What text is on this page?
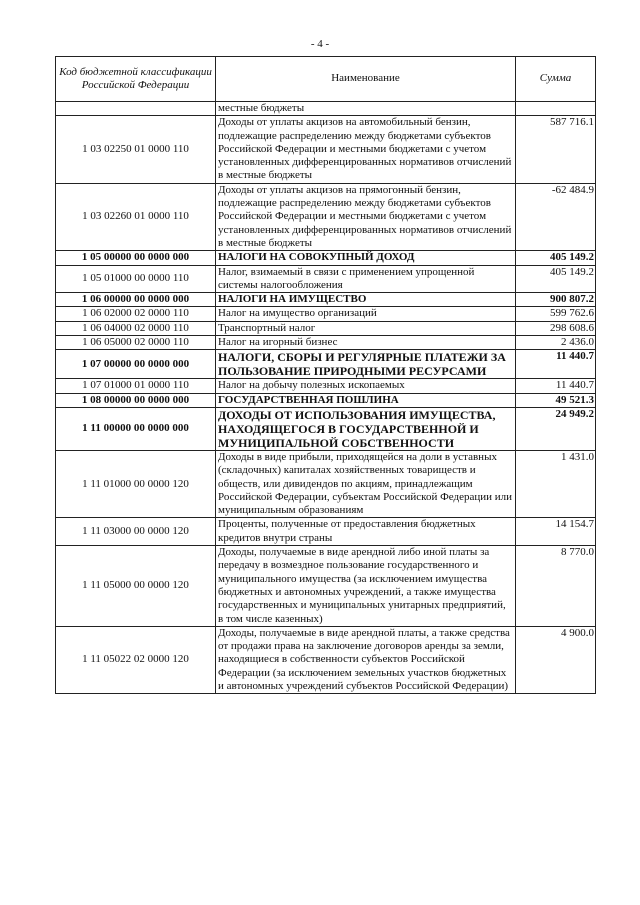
- 4 -
Код бюджетной классификации Российской Федерации	Наименование	Сумма
	местные бюджеты	
1 03 02250 01 0000 110	Доходы от уплаты акцизов на автомобильный бензин, подлежащие распределению между бюджетами субъектов Российской Федерации и местными бюджетами с учетом установленных дифференцированных нормативов отчислений в местные бюджеты	587 716.1
1 03 02260 01 0000 110	Доходы от уплаты акцизов на прямогонный бензин, подлежащие распределению между бюджетами субъектов Российской Федерации и местными бюджетами с учетом установленных дифференцированных нормативов отчислений в местные бюджеты	-62 484.9
1 05 00000 00 0000 000	НАЛОГИ НА СОВОКУПНЫЙ ДОХОД	405 149.2
1 05 01000 00 0000 110	Налог, взимаемый в связи с применением упрощенной системы налогообложения	405 149.2
1 06 00000 00 0000 000	НАЛОГИ НА ИМУЩЕСТВО	900 807.2
1 06 02000 02 0000 110	Налог на имущество организаций	599 762.6
1 06 04000 02 0000 110	Транспортный налог	298 608.6
1 06 05000 02 0000 110	Налог на игорный бизнес	2 436.0
1 07 00000 00 0000 000	НАЛОГИ, СБОРЫ И РЕГУЛЯРНЫЕ ПЛАТЕЖИ ЗА ПОЛЬЗОВАНИЕ ПРИРОДНЫМИ РЕСУРСАМИ	11 440.7
1 07 01000 01 0000 110	Налог на добычу полезных ископаемых	11 440.7
1 08 00000 00 0000 000	ГОСУДАРСТВЕННАЯ ПОШЛИНА	49 521.3
1 11 00000 00 0000 000	ДОХОДЫ ОТ ИСПОЛЬЗОВАНИЯ ИМУЩЕСТВА, НАХОДЯЩЕГОСЯ В ГОСУДАРСТВЕННОЙ И МУНИЦИПАЛЬНОЙ СОБСТВЕННОСТИ	24 949.2
1 11 01000 00 0000 120	Доходы в виде прибыли, приходящейся на доли в уставных (складочных) капиталах хозяйственных товариществ и обществ, или дивидендов по акциям, принадлежащим Российской Федерации, субъектам Российской Федерации или муниципальным образованиям	1 431.0
1 11 03000 00 0000 120	Проценты, полученные от предоставления бюджетных кредитов внутри страны	14 154.7
1 11 05000 00 0000 120	Доходы, получаемые в виде арендной либо иной платы за передачу в возмездное пользование государственного и муниципального имущества (за исключением имущества бюджетных и автономных учреждений, а также имущества государственных и муниципальных унитарных предприятий, в том числе казенных)	8 770.0
1 11 05022 02 0000 120	Доходы, получаемые в виде арендной платы, а также средства от продажи права на заключение договоров аренды за земли, находящиеся в собственности субъектов Российской Федерации (за исключением земельных участков бюджетных и автономных учреждений субъектов Российской Федерации)	4 900.0
